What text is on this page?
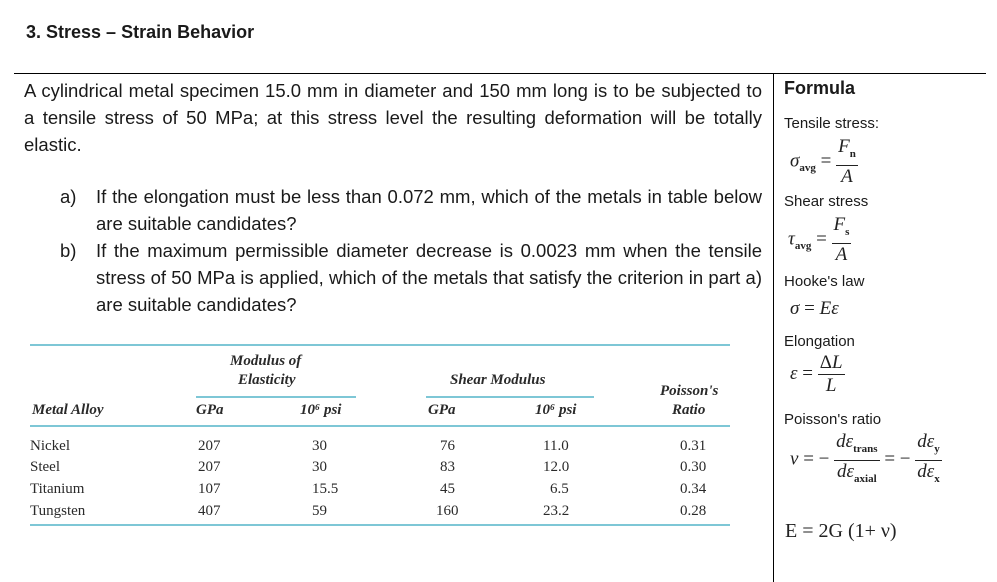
3. Stress – Strain Behavior
A cylindrical metal specimen 15.0 mm in diameter and 150 mm long is to be subjected to a tensile stress of 50 MPa; at this stress level the resulting deformation will be totally elastic.
a) If the elongation must be less than 0.072 mm, which of the metals in table below are suitable candidates?
b) If the maximum permissible diameter decrease is 0.0023 mm when the tensile stress of 50 MPa is applied, which of the metals that satisfy the criterion in part a) are suitable candidates?
Modulus of
Elasticity	Shear Modulus
Poisson's
Ratio
Metal Alloy	GPa	10⁶ psi	GPa	10⁶ psi
Nickel	207	30	76	11.0	0.31
Steel	207	30	83	12.0	0.30
Titanium	107	15.5	45	6.5	0.34
Tungsten	407	59	160	23.2	0.28
Formula
Tensile stress:
$\sigma_{avg} = \frac{F_n}{A}$
Shear stress
$\tau_{avg} = \frac{F_s}{A}$
Hooke's law
σ = Eε
Elongation
$\varepsilon = \frac{\Delta L}{L}$
Poisson's ratio
ν = − $\frac{d\varepsilon_{trans}}{d\varepsilon_{axial}}$ = − $\frac{d\varepsilon_y}{d\varepsilon_x}$
E = 2G (1+ ν)
